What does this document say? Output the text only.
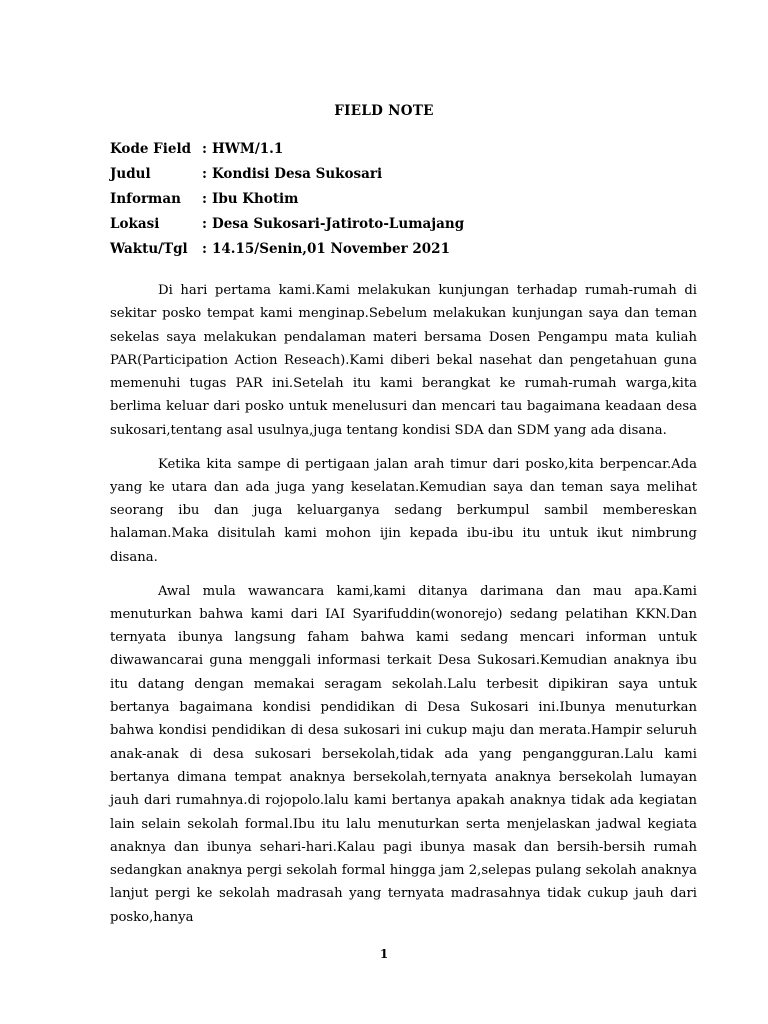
FIELD NOTE
Kode Field : HWM/1.1
Judul	: Kondisi Desa Sukosari
Informan	: Ibu Khotim
Lokasi	: Desa Sukosari-Jatiroto-Lumajang
Waktu/Tgl	: 14.15/Senin,01 November 2021

Di hari pertama kami.Kami melakukan kunjungan terhadap rumah-rumah di sekitar posko tempat kami menginap.Sebelum melakukan kunjungan saya dan teman sekelas saya melakukan pendalaman materi bersama Dosen Pengampu mata kuliah PAR(Participation Action Reseach).Kami diberi bekal nasehat dan pengetahuan guna memenuhi tugas PAR ini.Setelah itu kami berangkat ke rumah-rumah warga,kita berlima keluar dari posko untuk menelusuri dan mencari tau bagaimana keadaan desa sukosari,tentang asal usulnya,juga tentang kondisi SDA dan SDM yang ada disana.

Ketika kita sampe di pertigaan jalan arah timur dari posko,kita berpencar.Ada yang ke utara dan ada juga yang keselatan.Kemudian saya dan teman saya melihat seorang ibu dan juga keluarganya sedang berkumpul sambil membereskan halaman.Maka disitulah kami mohon ijin kepada ibu-ibu itu untuk ikut nimbrung disana.

Awal mula wawancara kami,kami ditanya darimana dan mau apa.Kami menuturkan bahwa kami dari IAI Syarifuddin(wonorejo) sedang pelatihan KKN.Dan ternyata ibunya langsung faham bahwa kami sedang mencari informan untuk diwawancarai guna menggali informasi terkait Desa Sukosari.Kemudian anaknya ibu itu datang dengan memakai seragam sekolah.Lalu terbesit dipikiran saya untuk bertanya bagaimana kondisi pendidikan di Desa Sukosari ini.Ibunya menuturkan bahwa kondisi pendidikan di desa sukosari ini cukup maju dan merata.Hampir seluruh anak-anak di desa sukosari bersekolah,tidak ada yang pengangguran.Lalu kami bertanya dimana tempat anaknya bersekolah,ternyata anaknya bersekolah lumayan jauh dari rumahnya.di rojopolo.lalu kami bertanya apakah anaknya tidak ada kegiatan lain selain sekolah formal.Ibu itu lalu menuturkan serta menjelaskan jadwal kegiata anaknya dan ibunya sehari-hari.Kalau pagi ibunya masak dan bersih-bersih rumah sedangkan anaknya pergi sekolah formal hingga jam 2,selepas pulang sekolah anaknya lanjut pergi ke sekolah madrasah yang ternyata madrasahnya tidak cukup jauh dari posko,hanya

1
